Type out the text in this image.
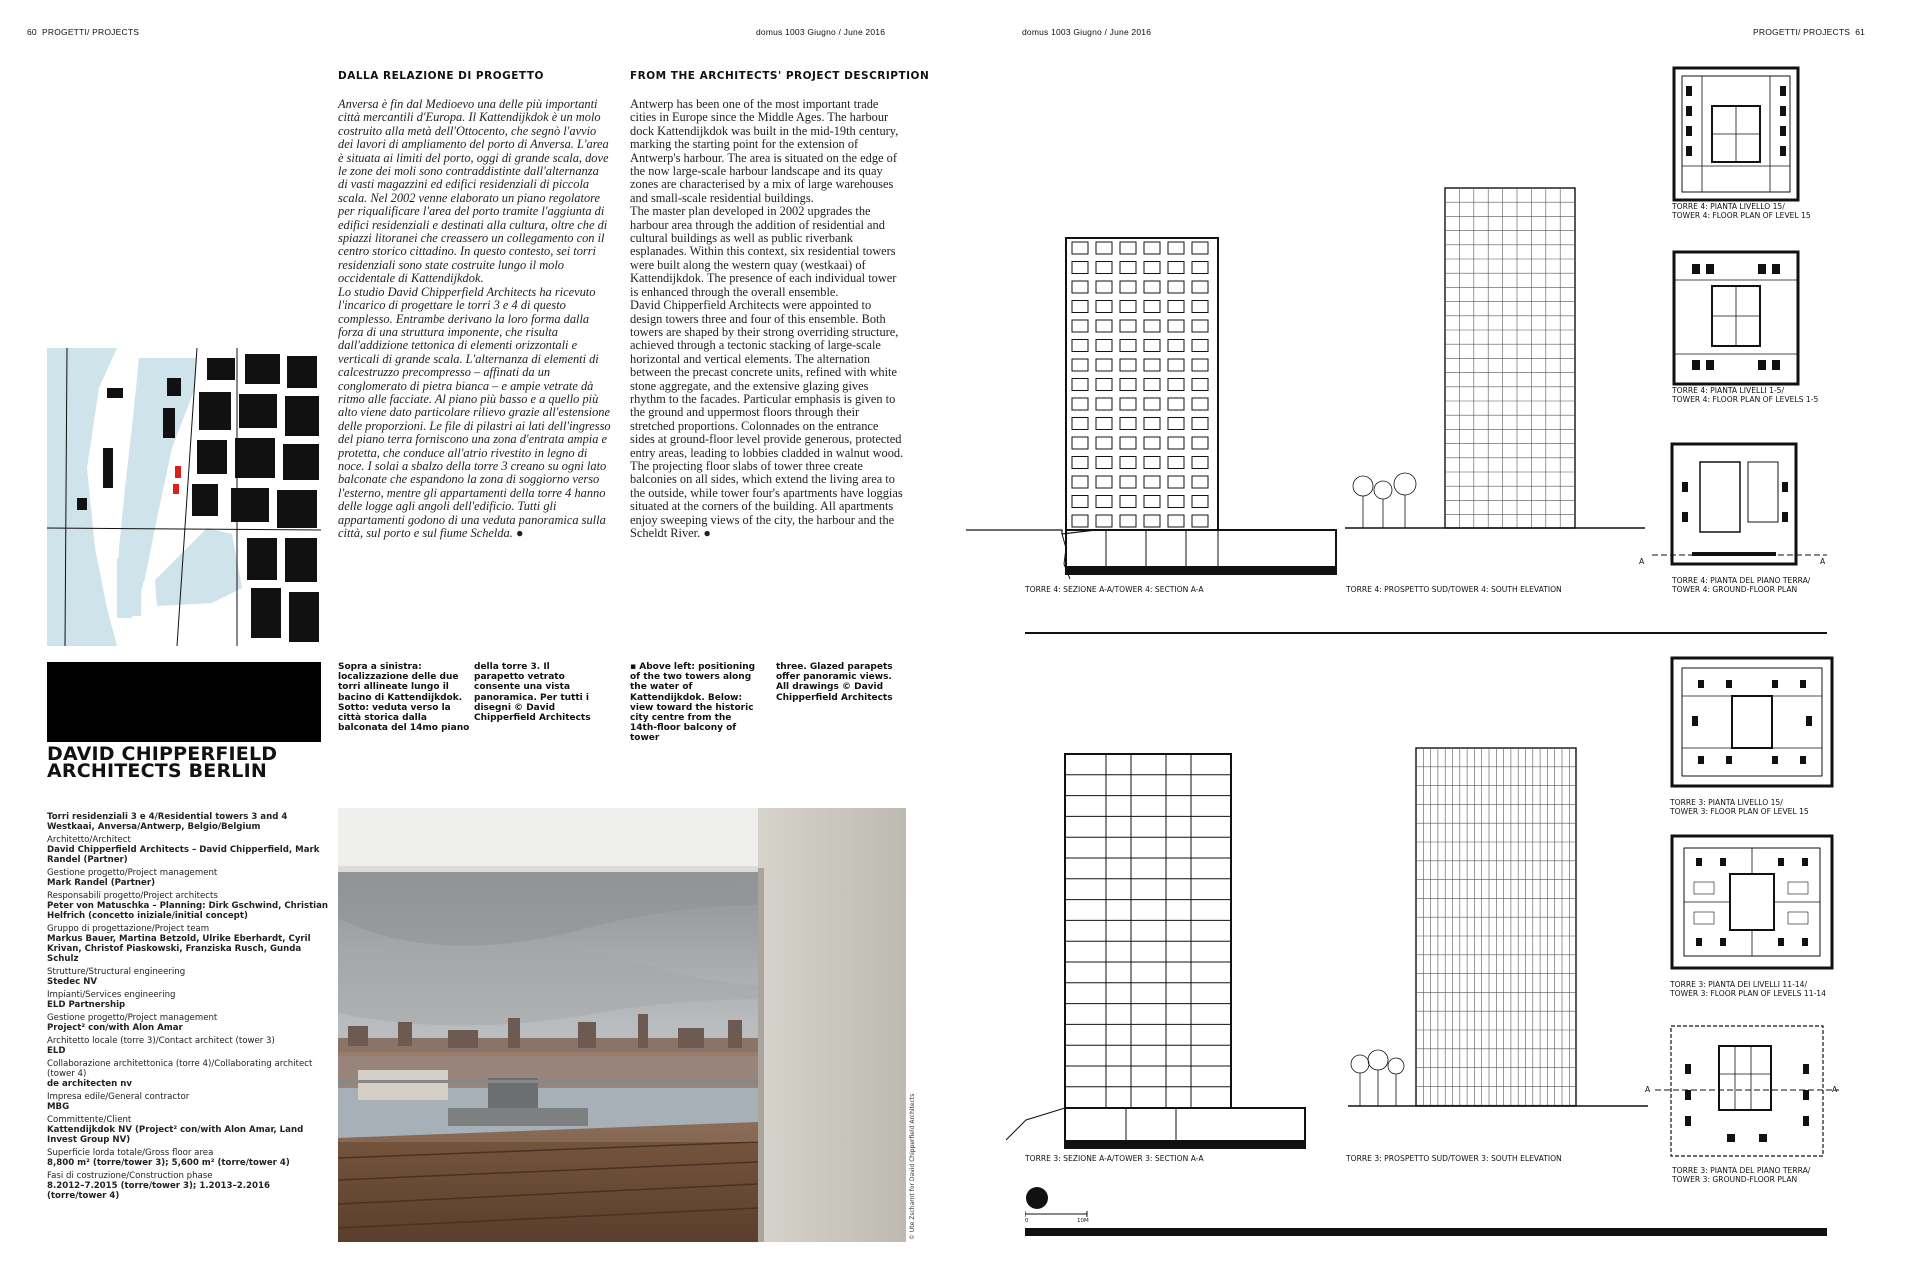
60 PROGETTI/ PROJECTS	domus 1003 Giugno / June 2016	domus 1003 Giugno / June 2016	PROGETTI/ PROJECTS 61
DALLA RELAZIONE DI PROGETTO	FROM THE ARCHITECTS' PROJECT DESCRIPTION

Anversa è fin dal Medioevo una delle più importanti città mercantili d'Europa. Il Kattendijkdok è un molo costruito alla metà dell'Ottocento, che segnò l'avvio dei lavori di ampliamento del porto di Anversa. L'area è situata ai limiti del porto, oggi di grande scala, dove le zone dei moli sono contraddistinte dall'alternanza di vasti magazzini ed edifici residenziali di piccola scala. Nel 2002 venne elaborato un piano regolatore per riqualificare l'area del porto tramite l'aggiunta di edifici residenziali e destinati alla cultura, oltre che di spiazzi litoranei che creassero un collegamento con il centro storico cittadino. In questo contesto, sei torri residenziali sono state costruite lungo il molo occidentale di Kattendijkdok.

Lo studio David Chipperfield Architects ha ricevuto l'incarico di progettare le torri 3 e 4 di questo complesso. Entrambe derivano la loro forma dalla forza di una struttura imponente, che risulta dall'addizione tettonica di elementi orizzontali e verticali di grande scala. L'alternanza di elementi di calcestruzzo precompresso – affinati da un conglomerato di pietra bianca – e ampie vetrate dà ritmo alle facciate. Al piano più basso e a quello più alto viene dato particolare rilievo grazie all'estensione delle proporzioni. Le file di pilastri ai lati dell'ingresso del piano terra forniscono una zona d'entrata ampia e protetta, che conduce all'atrio rivestito in legno di noce. I solai a sbalzo della torre 3 creano su ogni lato balconate che espandono la zona di soggiorno verso l'esterno, mentre gli appartamenti della torre 4 hanno delle logge agli angoli dell'edificio. Tutti gli appartamenti godono di una veduta panoramica sulla città, sul porto e sul fiume Schelda. ●

Antwerp has been one of the most important trade cities in Europe since the Middle Ages. The harbour dock Kattendijkdok was built in the mid-19th century, marking the starting point for the extension of Antwerp's harbour. The area is situated on the edge of the now large-scale harbour landscape and its quay zones are characterised by a mix of large warehouses and small-scale residential buildings.

The master plan developed in 2002 upgrades the harbour area through the addition of residential and cultural buildings as well as public riverbank esplanades. Within this context, six residential towers were built along the western quay (westkaai) of Kattendijkdok. The presence of each individual tower is enhanced through the overall ensemble.

David Chipperfield Architects were appointed to design towers three and four of this ensemble. Both towers are shaped by their strong overriding structure, achieved through a tectonic stacking of large-scale horizontal and vertical elements. The alternation between the precast concrete units, refined with white stone aggregate, and the extensive glazing gives rhythm to the facades. Particular emphasis is given to the ground and uppermost floors through their stretched proportions. Colonnades on the entrance sides at ground-floor level provide generous, protected entry areas, leading to lobbies cladded in walnut wood. The projecting floor slabs of tower three create balconies on all sides, which extend the living area to the outside, while tower four's apartments have loggias situated at the corners of the building. All apartments enjoy sweeping views of the city, the harbour and the Scheldt River. ●

Sopra a sinistra: localizzazione delle due torri allineate lungo il bacino di Kattendijkdok. Sotto: veduta verso la città storica dalla balconata del 14mo piano
della torre 3. Il parapetto vetrato consente una vista panoramica. Per tutti i disegni © David Chipperfield Architects
▪ Above left: positioning of the two towers along the water of Kattendijkdok. Below: view toward the historic city centre from the 14th-floor balcony of tower
three. Glazed parapets offer panoramic views. All drawings © David Chipperfield Architects
DAVID CHIPPERFIELD ARCHITECTS BERLIN
Torri residenziali 3 e 4/Residential towers 3 and 4
Westkaai, Anversa/Antwerp, Belgio/Belgium
Architetto/Architect
David Chipperfield Architects – David Chipperfield, Mark Randel (Partner)
Gestione progetto/Project management
Mark Randel (Partner)
Responsabili progetto/Project architects
Peter von Matuschka – Planning: Dirk Gschwind, Christian Helfrich (concetto iniziale/initial concept)
Gruppo di progettazione/Project team
Markus Bauer, Martina Betzold, Ulrike Eberhardt, Cyril Krivan, Christof Piaskowski, Franziska Rusch, Gunda Schulz
Strutture/Structural engineering
Stedec NV
Impianti/Services engineering
ELD Partnership
Gestione progetto/Project management
Project² con/with Alon Amar
Architetto locale (torre 3)/Contact architect (tower 3)
ELD
Collaborazione architettonica (torre 4)/Collaborating architect (tower 4)
de architecten nv
Impresa edile/General contractor
MBG
Committente/Client
Kattendijkdok NV (Project² con/with Alon Amar, Land Invest Group NV)
Superficie lorda totale/Gross floor area
8,800 m² (torre/tower 3); 5,600 m² (torre/tower 4)
Fasi di costruzione/Construction phase
8.2012–7.2015 (torre/tower 3); 1.2013–2.2016 (torre/tower 4)	© Ute Zscharnt for David Chipperfield Architects
TORRE 4: SEZIONE A-A/TOWER 4: SECTION A-A	TORRE 4: PROSPETTO SUD/TOWER 4: SOUTH ELEVATION
TORRE 4: PIANTA LIVELLO 15/
TOWER 4: FLOOR PLAN OF LEVEL 15
TORRE 4: PIANTA LIVELLI 1-5/
TOWER 4: FLOOR PLAN OF LEVELS 1-5
A	A
TORRE 4: PIANTA DEL PIANO TERRA/
TOWER 4: GROUND-FLOOR PLAN
TORRE 3: SEZIONE A-A/TOWER 3: SECTION A-A	TORRE 3: PROSPETTO SUD/TOWER 3: SOUTH ELEVATION
TORRE 3: PIANTA LIVELLO 15/
TOWER 3: FLOOR PLAN OF LEVEL 15
TORRE 3: PIANTA DEI LIVELLI 11-14/
TOWER 3: FLOOR PLAN OF LEVELS 11-14
A	A
TORRE 3: PIANTA DEL PIANO TERRA/
TOWER 3: GROUND-FLOOR PLAN
0	10M
